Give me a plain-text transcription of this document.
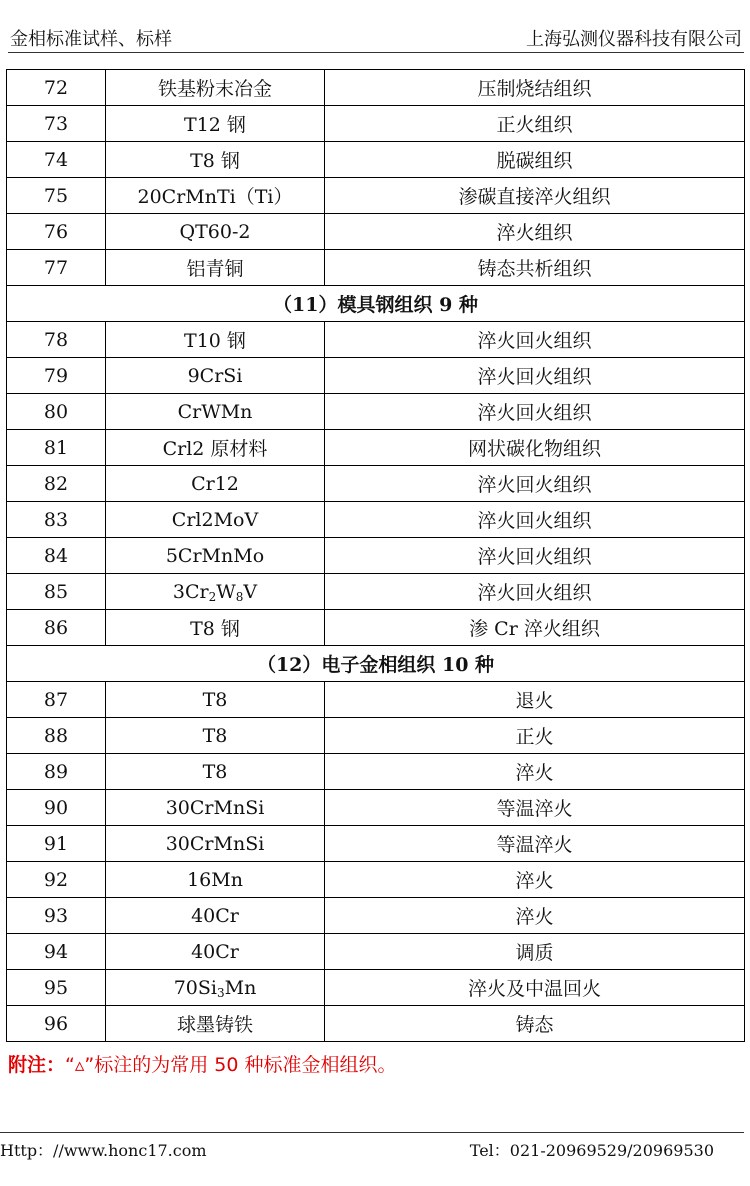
金相标准试样、标样	上海弘测仪器科技有限公司
72	铁基粉末冶金	压制烧结组织
73	T12 钢	正火组织
74	T8 钢	脱碳组织
75	20CrMnTi（Ti）	渗碳直接淬火组织
76	QT60-2	淬火组织
77	铝青铜	铸态共析组织
（11）模具钢组织 9 种		
78	T10 钢	淬火回火组织
79	9CrSi	淬火回火组织
80	CrWMn	淬火回火组织
81	Crl2 原材料	网状碳化物组织
82	Cr12	淬火回火组织
83	Crl2MoV	淬火回火组织
84	5CrMnMo	淬火回火组织
85	$3Cr_2W_8V$	淬火回火组织
86	T8 钢	渗 Cr 淬火组织
（12）电子金相组织 10 种		
87	T8	退火
88	T8	正火
89	T8	淬火
90	30CrMnSi	等温淬火
91	30CrMnSi	等温淬火
92	16Mn	淬火
93	40Cr	淬火
94	40Cr	调质
95	$70Si_3Mn$	淬火及中温回火
96	球墨铸铁	铸态
附注：“▵”标注的为常用 50 种标准金相组织。
Http：//www.honc17.com	Tel：021-20969529/20969530
